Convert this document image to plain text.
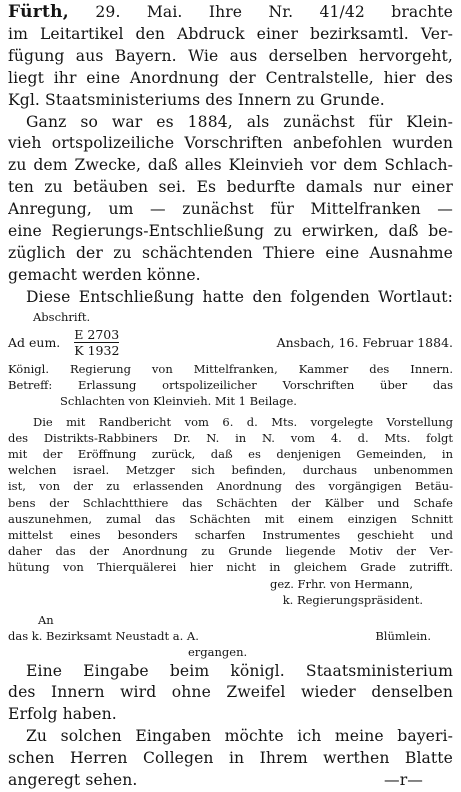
Fürth, 29. Mai. Ihre Nr. 41/42 brachte
im Leitartikel den Abdruck einer bezirksamtl. Ver-
fügung aus Bayern. Wie aus derselben hervorgeht,
liegt ihr eine Anordnung der Centralstelle, hier des
Kgl. Staatsministeriums des Innern zu Grunde.
Ganz so war es 1884, als zunächst für Klein-
vieh ortspolizeiliche Vorschriften anbefohlen wurden
zu dem Zwecke, daß alles Kleinvieh vor dem Schlach-
ten zu betäuben sei. Es bedurfte damals nur einer
Anregung, um — zunächst für Mittelfranken —
eine Regierungs-Entschließung zu erwirken, daß be-
züglich der zu schächtenden Thiere eine Ausnahme
gemacht werden könne.
Diese Entschließung hatte den folgenden Wortlaut:
Abschrift.
Ad eum. $\frac{E 2703}{K 1932}$	Ansbach, 16. Februar 1884.
Königl. Regierung von Mittelfranken, Kammer des Innern.
Betreff: Erlassung ortspolizeilicher Vorschriften über das
Schlachten von Kleinvieh. Mit 1 Beilage.
Die mit Randbericht vom 6. d. Mts. vorgelegte Vorstellung
des Distrikts-Rabbiners Dr. N. in N. vom 4. d. Mts. folgt
mit der Eröffnung zurück, daß es denjenigen Gemeinden, in
welchen israel. Metzger sich befinden, durchaus unbenommen
ist, von der zu erlassenden Anordnung des vorgängigen Betäu-
bens der Schlachtthiere das Schächten der Kälber und Schafe
auszunehmen, zumal das Schächten mit einem einzigen Schnitt
mittelst eines besonders scharfen Instrumentes geschieht und
daher das der Anordnung zu Grunde liegende Motiv der Ver-
hütung von Thierquälerei hier nicht in gleichem Grade zutrifft.
gez. Frhr. von Hermann,
k. Regierungspräsident.
An
das k. Bezirksamt Neustadt a. A.	Blümlein.
ergangen.
Eine Eingabe beim königl. Staatsministerium
des Innern wird ohne Zweifel wieder denselben
Erfolg haben.
Zu solchen Eingaben möchte ich meine bayeri-
schen Herren Collegen in Ihrem werthen Blatte
angeregt sehen.	—r—
